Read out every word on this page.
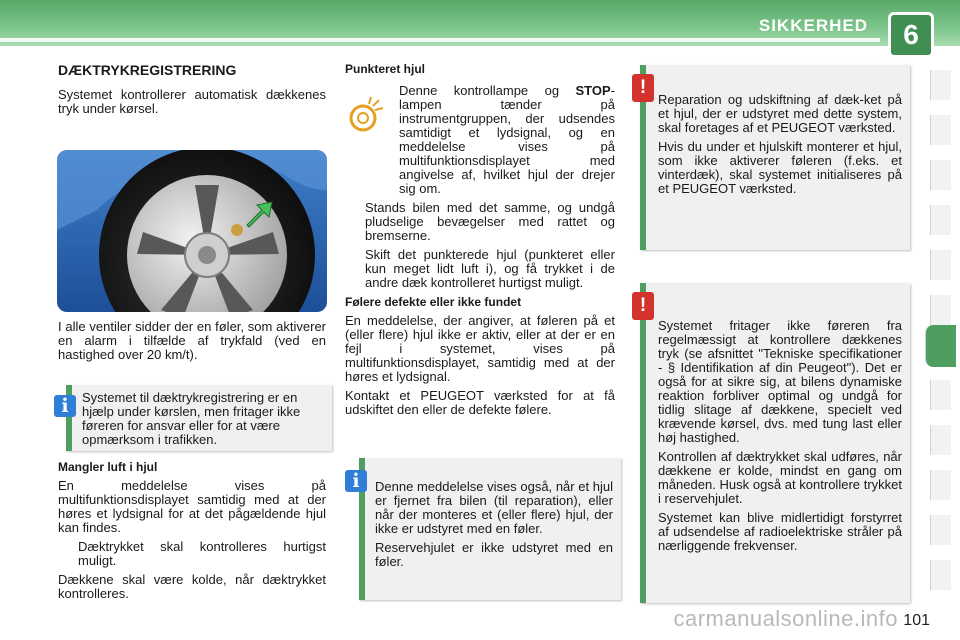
SIKKERHED	6
DÆKTRYKREGISTRERING

Systemet kontrollerer automatisk dækkenes tryk under kørsel.

I alle ventiler sidder der en føler, som aktiverer en alarm i tilfælde af trykfald (ved en hastighed over 20 km/t).

Systemet til dæktrykregistrering er en hjælp under kørslen, men fritager ikke føreren for ansvar eller for at være opmærksom i trafikken.
i
Mangler luft i hjul

En meddelelse vises på multifunktionsdisplayet samtidig med at der høres et lydsignal for at det pågældende hjul kan findes.

Dæktrykket skal kontrolleres hurtigst muligt.

Dækkene skal være kolde, når dæktrykket kontrolleres.

Punkteret hjul

Denne kontrollampe og STOP-lampen tænder på instrumentgruppen, der udsendes samtidigt et lydsignal, og en meddelelse vises på multifunktionsdisplayet med angivelse af, hvilket hjul der drejer sig om.

Stands bilen med det samme, og undgå pludselige bevægelser med rattet og bremserne.
Skift det punkterede hjul (punkteret eller kun meget lidt luft i), og få trykket i de andre dæk kontrolleret hurtigst muligt.
Følere defekte eller ikke fundet

En meddelelse, der angiver, at føleren på et (eller flere) hjul ikke er aktiv, eller at der er en fejl i systemet, vises på multifunktionsdisplayet, samtidig med at der høres et lydsignal.

Kontakt et PEUGEOT værksted for at få udskiftet den eller de defekte følere.

Denne meddelelse vises også, når et hjul er fjernet fra bilen (til reparation), eller når der monteres et (eller flere) hjul, der ikke er udstyret med en føler.

Reservehjulet er ikke udstyret med en føler.

i

Reparation og udskiftning af dæk-ket på et hjul, der er udstyret med dette system, skal foretages af et PEUGEOT værksted.

Hvis du under et hjulskift monterer et hjul, som ikke aktiverer føleren (f.eks. et vinterdæk), skal systemet initialiseres på et PEUGEOT værksted.

!

Systemet fritager ikke føreren fra regelmæssigt at kontrollere dækkenes tryk (se afsnittet "Tekniske specifikationer - § Identifikation af din Peugeot"). Det er også for at sikre sig, at bilens dynamiske reaktion forbliver optimal og undgå for tidlig slitage af dækkene, specielt ved krævende kørsel, dvs. med tung last eller høj hastighed.

Kontrollen af dæktrykket skal udføres, når dækkene er kolde, mindst en gang om måneden. Husk også at kontrollere trykket i reservehjulet.

Systemet kan blive midlertidigt forstyrret af udsendelse af radioelektriske stråler på nærliggende frekvenser.

!
carmanualsonline.info 101
